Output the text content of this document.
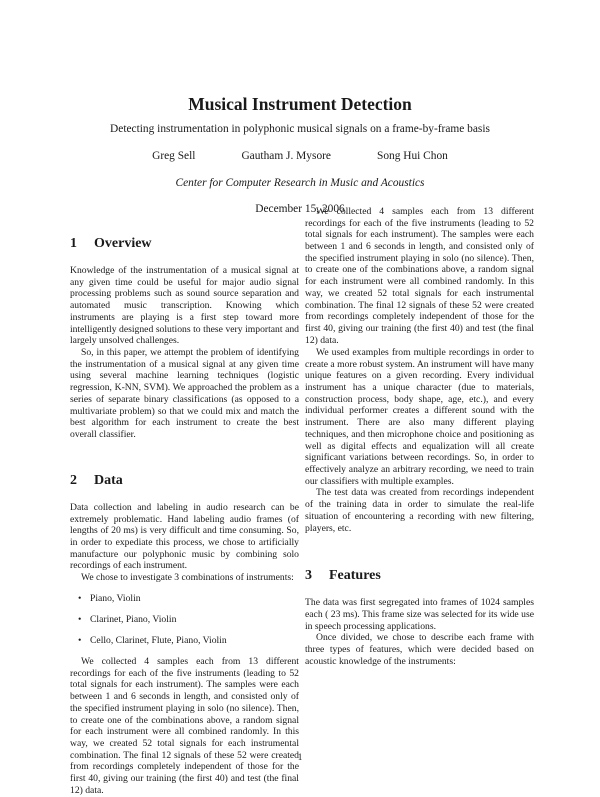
Musical Instrument Detection
Detecting instrumentation in polyphonic musical signals on a frame-by-frame basis
Greg Sell	Gautham J. Mysore	Song Hui Chon
Center for Computer Research in Music and Acoustics
December 15, 2006
1 Overview

Knowledge of the instrumentation of a musical signal at any given time could be useful for major audio signal processing problems such as sound source separation and automated music transcription. Knowing which instruments are playing is a first step toward more intelligently designed solutions to these very important and largely unsolved challenges.

So, in this paper, we attempt the problem of identifying the instrumentation of a musical signal at any given time using several machine learning techniques (logistic regression, K-NN, SVM). We approached the problem as a series of separate binary classifications (as opposed to a multivariate problem) so that we could mix and match the best algorithm for each instrument to create the best overall classifier.

2 Data

Data collection and labeling in audio research can be extremely problematic. Hand labeling audio frames (of lengths of 20 ms) is very difficult and time consuming. So, in order to expediate this process, we chose to artificially manufacture our polyphonic music by combining solo recordings of each instrument.

We chose to investigate 3 combinations of instruments:

• Piano, Violin
• Clarinet, Piano, Violin
• Cello, Clarinet, Flute, Piano, Violin

We collected 4 samples each from 13 different recordings for each of the five instruments (leading to 52 total signals for each instrument). The samples were each between 1 and 6 seconds in length, and consisted only of the specified instrument playing in solo (no silence). Then, to create one of the combinations above, a random signal for each instrument were all combined randomly. In this way, we created 52 total signals for each instrumental combination. The final 12 signals of these 52 were created from recordings completely independent of those for the first 40, giving our training (the first 40) and test (the final 12) data.

We collected 4 samples each from 13 different recordings for each of the five instruments (leading to 52 total signals for each instrument). The samples were each between 1 and 6 seconds in length, and consisted only of the specified instrument playing in solo (no silence). Then, to create one of the combinations above, a random signal for each instrument were all combined randomly. In this way, we created 52 total signals for each instrumental combination. The final 12 signals of these 52 were created from recordings completely independent of those for the first 40, giving our training (the first 40) and test (the final 12) data.

We used examples from multiple recordings in order to create a more robust system. An instrument will have many unique features on a given recording. Every individual instrument has a unique character (due to materials, construction process, body shape, age, etc.), and every individual performer creates a different sound with the instrument. There are also many different playing techniques, and then microphone choice and positioning as well as digital effects and equalization will all create significant variations between recordings. So, in order to effectively analyze an arbitrary recording, we need to train our classifiers with multiple examples.

The test data was created from recordings independent of the training data in order to simulate the real-life situation of encountering a recording with new filtering, players, etc.

3 Features

The data was first segregated into frames of 1024 samples each ( 23 ms). This frame size was selected for its wide use in speech processing applications.

Once divided, we chose to describe each frame with three types of features, which were decided based on acoustic knowledge of the instruments:

1
